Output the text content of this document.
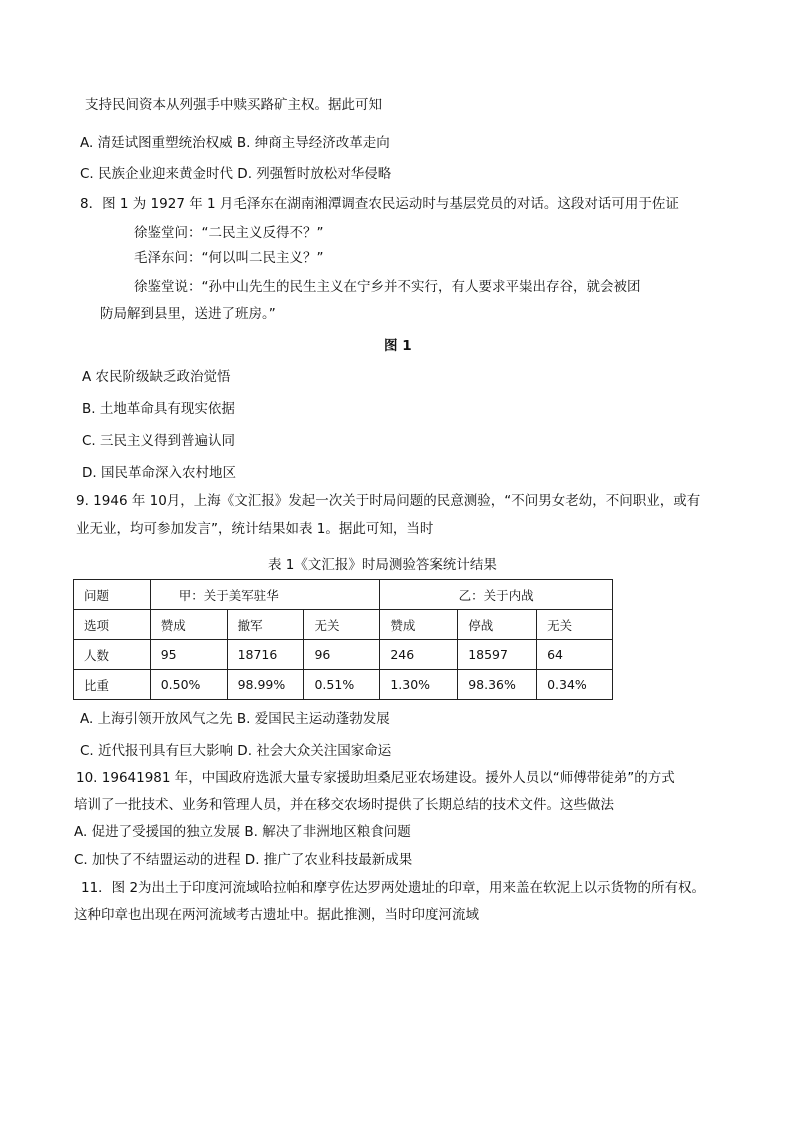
支持民间资本从列强手中赎买路矿主权。据此可知
A. 清廷试图重塑统治权威 B. 绅商主导经济改革走向
C. 民族企业迎来黄金时代 D. 列强暂时放松对华侵略
8．图 1 为 1927 年 1 月毛泽东在湖南湘潭调查农民运动时与基层党员的对话。这段对话可用于佐证
徐鉴堂问：“二民主义反得不？”
毛泽东问：“何以叫二民主义？”
徐鉴堂说：“孙中山先生的民生主义在宁乡并不实行，有人要求平粜出存谷，就会被团
防局解到县里，送进了班房。”
图 1
A 农民阶级缺乏政治觉悟
B. 土地革命具有现实依据
C. 三民主义得到普遍认同
D. 国民革命深入农村地区
9. 1946 年 10月，上海《文汇报》发起一次关于时局问题的民意测验，“不问男女老幼，不问职业，或有
业无业，均可参加发言”，统计结果如表 1。据此可知，当时
表 1《文汇报》时局测验答案统计结果
问题	甲：关于美军驻华			乙：关于内战		
选项	赞成	撤军	无关	赞成	停战	无关
人数	95	18716	96	246	18597	64
比重	0.50%	98.99%	0.51%	1.30%	98.36%	0.34%
A. 上海引领开放风气之先 B. 爱国民主运动蓬勃发展
C. 近代报刊具有巨大影响 D. 社会大众关注国家命运
10. 19641981 年，中国政府选派大量专家援助坦桑尼亚农场建设。援外人员以“师傅带徒弟”的方式
培训了一批技术、业务和管理人员，并在移交农场时提供了长期总结的技术文件。这些做法
A. 促进了受援国的独立发展 B. 解决了非洲地区粮食问题
C. 加快了不结盟运动的进程 D. 推广了农业科技最新成果
11．图 2为出土于印度河流域哈拉帕和摩亨佐达罗两处遗址的印章，用来盖在软泥上以示货物的所有权。
这种印章也出现在两河流域考古遗址中。据此推测，当时印度河流域
